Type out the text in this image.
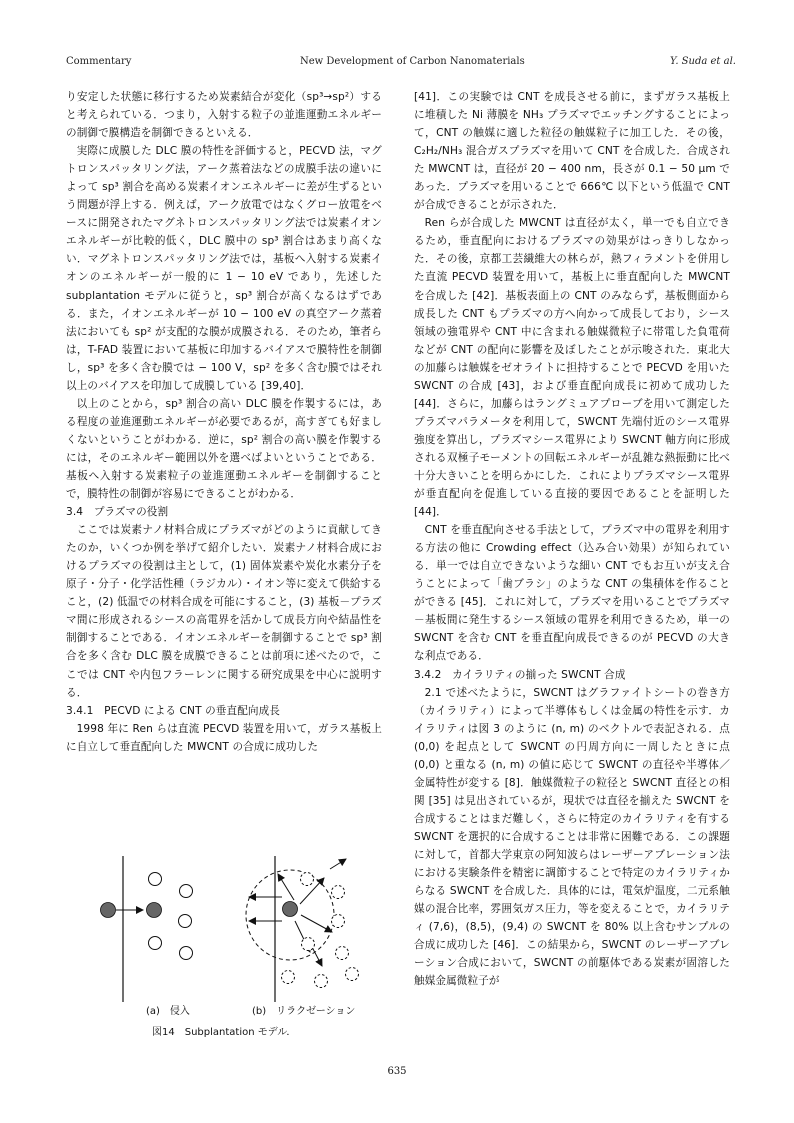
Commentary	New Development of Carbon Nanomaterials	Y. Suda et al.

り安定した状態に移行するため炭素結合が変化（sp³→sp²）すると考えられている．つまり，入射する粒子の並進運動エネルギーの制御で膜構造を制御できるといえる．

実際に成膜した DLC 膜の特性を評価すると，PECVD 法，マグトロンスパッタリング法，アーク蒸着法などの成膜手法の違いによって sp³ 割合を高める炭素イオンエネルギーに差が生ずるという問題が浮上する．例えば，アーク放電ではなくグロー放電をベースに開発されたマグネトロンスパッタリング法では炭素イオンエネルギーが比較的低く，DLC 膜中の sp³ 割合はあまり高くない．マグネトロンスパッタリング法では，基板へ入射する炭素イオンのエネルギーが一般的に 1 − 10 eV であり，先述した subplantation モデルに従うと，sp³ 割合が高くなるはずである．また，イオンエネルギーが 10 − 100 eV の真空アーク蒸着法においても sp² が支配的な膜が成膜される．そのため，筆者らは，T-FAD 装置において基板に印加するバイアスで膜特性を制御し，sp³ を多く含む膜では − 100 V，sp² を多く含む膜ではそれ以上のバイアスを印加して成膜している [39,40]．

以上のことから，sp³ 割合の高い DLC 膜を作製するには，ある程度の並進運動エネルギーが必要であるが，高すぎても好ましくないということがわかる．逆に，sp² 割合の高い膜を作製するには，そのエネルギー範囲以外を選べばよいということである．基板へ入射する炭素粒子の並進運動エネルギーを制御することで，膜特性の制御が容易にできることがわかる．

3.4　プラズマの役割

ここでは炭素ナノ材料合成にプラズマがどのように貢献してきたのか，いくつか例を挙げて紹介したい．炭素ナノ材料合成におけるプラズマの役割は主として，(1) 固体炭素や炭化水素分子を原子・分子・化学活性種（ラジカル）・イオン等に変えて供給すること，(2) 低温での材料合成を可能にすること，(3) 基板－プラズマ間に形成されるシースの高電界を活かして成長方向や結晶性を制御することである．イオンエネルギーを制御することで sp³ 割合を多く含む DLC 膜を成膜できることは前項に述べたので，ここでは CNT や内包フラーレンに関する研究成果を中心に説明する．

3.4.1　PECVD による CNT の垂直配向成長

1998 年に Ren らは直流 PECVD 装置を用いて，ガラス基板上に自立して垂直配向した MWCNT の合成に成功した

[41]．この実験では CNT を成長させる前に，まずガラス基板上に堆積した Ni 薄膜を NH₃ プラズマでエッチングすることによって，CNT の触媒に適した粒径の触媒粒子に加工した．その後，C₂H₂/NH₃ 混合ガスプラズマを用いて CNT を合成した．合成された MWCNT は，直径が 20 − 400 nm，長さが 0.1 − 50 µm であった．プラズマを用いることで 666℃ 以下という低温で CNT が合成できることが示された．

Ren らが合成した MWCNT は直径が太く，単一でも自立できるため，垂直配向におけるプラズマの効果がはっきりしなかった．その後，京都工芸繊維大の林らが，熱フィラメントを併用した直流 PECVD 装置を用いて，基板上に垂直配向した MWCNT を合成した [42]．基板表面上の CNT のみならず，基板側面から成長した CNT もプラズマの方へ向かって成長しており，シース領域の強電界や CNT 中に含まれる触媒微粒子に帯電した負電荷などが CNT の配向に影響を及ぼしたことが示唆された．東北大の加藤らは触媒をゼオライトに担持することで PECVD を用いた SWCNT の合成 [43]，および垂直配向成長に初めて成功した [44]．さらに，加藤らはラングミュアプローブを用いて測定したプラズマパラメータを利用して，SWCNT 先端付近のシース電界強度を算出し，プラズマシース電界により SWCNT 軸方向に形成される双極子モーメントの回転エネルギーが乱雑な熱振動に比べ十分大きいことを明らかにした．これによりプラズマシース電界が垂直配向を促進している直接的要因であることを証明した [44]．

CNT を垂直配向させる手法として，プラズマ中の電界を利用する方法の他に Crowding effect（込み合い効果）が知られている．単一では自立できないような細い CNT でもお互いが支え合うことによって「歯ブラシ」のような CNT の集積体を作ることができる [45]．これに対して，プラズマを用いることでプラズマ－基板間に発生するシース領域の電界を利用できるため，単一の SWCNT を含む CNT を垂直配向成長できるのが PECVD の大きな利点である．

3.4.2　カイラリティの揃った SWCNT 合成

2.1 で述べたように，SWCNT はグラファイトシートの巻き方（カイラリティ）によって半導体もしくは金属の特性を示す．カイラリティは図 3 のように (n, m) のベクトルで表記される．点 (0,0) を起点として SWCNT の円周方向に一周したときに点 (0,0) と重なる (n, m) の値に応じて SWCNT の直径や半導体／金属特性が変する [8]．触媒微粒子の粒径と SWCNT 直径との相関 [35] は見出されているが，現状では直径を揃えた SWCNT を合成することはまだ難しく，さらに特定のカイラリティを有する SWCNT を選択的に合成することは非常に困難である．この課題に対して，首都大学東京の阿知波らはレーザーアブレーション法における実験条件を精密に調節することで特定のカイラリティからなる SWCNT を合成した．具体的には，電気炉温度，二元系触媒の混合比率，雰囲気ガス圧力，等を変えることで，カイラリティ (7,6)，(8,5)，(9,4) の SWCNT を 80% 以上含むサンプルの合成に成功した [46]．この結果から，SWCNT のレーザーアブレーション合成において，SWCNT の前駆体である炭素が固溶した触媒金属微粒子が

(a)　侵入	(b)　リラクゼーション
図14　Subplantation モデル．
635
